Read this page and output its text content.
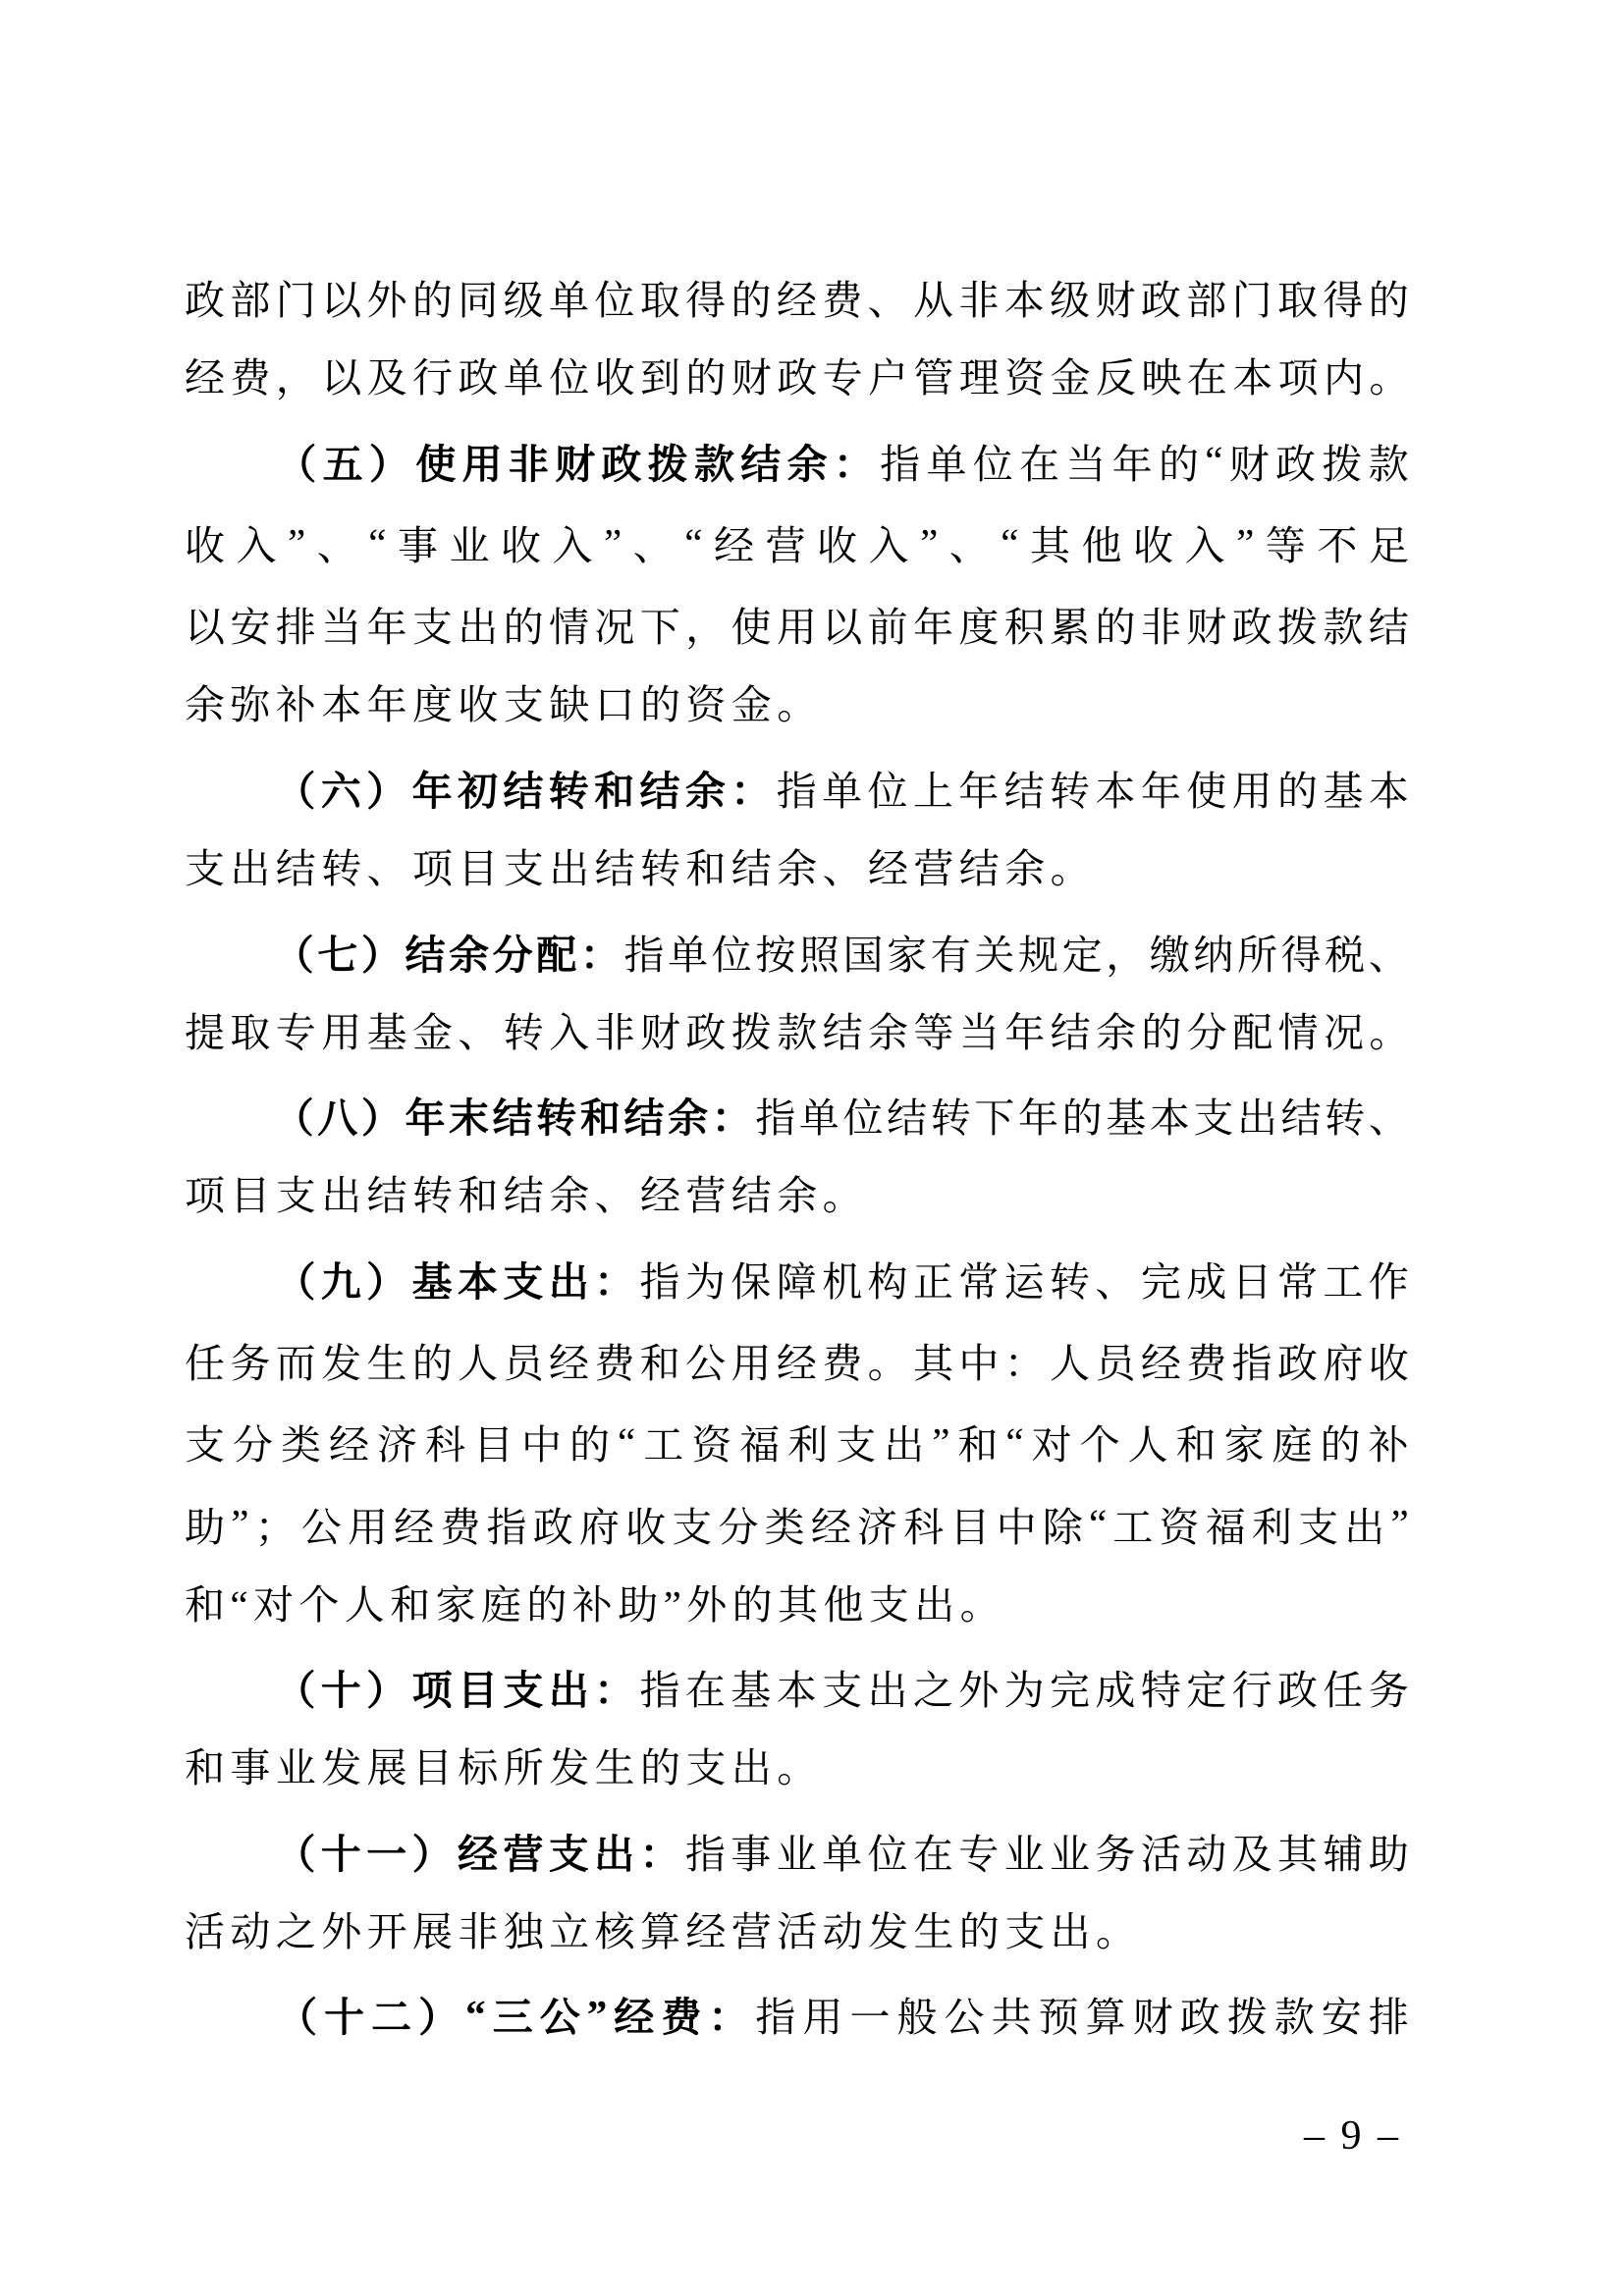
政 部 门 以 外 的 同 级 单 位 取 得 的 经 费 、 从 非 本 级 财 政 部 门 取 得 的
经费，以及行政单位收到的财政专户管理资金反映在本项内。
（ 五 ） 使 用 非 财 政 拨 款 结 余 ： 指 单 位 在 当 年 的 “ 财 政 拨 款
收 入 ” 、 “ 事 业 收 入 ” 、 “ 经 营 收 入 ” 、 “ 其 他 收 入 ” 等 不 足
以 安 排 当 年 支 出 的 情 况 下 ， 使 用 以 前 年 度 积 累 的 非 财 政 拨 款 结
余弥补本年度收支缺口的资金。
（ 六 ） 年 初 结 转 和 结 余 ： 指 单 位 上 年 结 转 本 年 使 用 的 基 本
支出结转、项目支出结转和结余、经营结余。
（ 七 ） 结 余 分 配 ： 指 单 位 按 照 国 家 有 关 规 定 ， 缴 纳 所 得 税 、
提取专用基金、转入非财政拨款结余等当年结余的分配情况。
（ 八 ） 年 末 结 转 和 结 余 ： 指 单 位 结 转 下 年 的 基 本 支 出 结 转 、
项目支出结转和结余、经营结余。
（ 九 ） 基 本 支 出 ： 指 为 保 障 机 构 正 常 运 转 、 完 成 日 常 工 作
任 务 而 发 生 的 人 员 经 费 和 公 用 经 费 。 其 中 ： 人 员 经 费 指 政 府 收
支 分 类 经 济 科 目 中 的 “ 工 资 福 利 支 出 ” 和 “ 对 个 人 和 家 庭 的 补
助 ” ； 公 用 经 费 指 政 府 收 支 分 类 经 济 科 目 中 除 “ 工 资 福 利 支 出 ”
和“对个人和家庭的补助”外的其他支出。
（ 十 ） 项 目 支 出 ： 指 在 基 本 支 出 之 外 为 完 成 特 定 行 政 任 务
和事业发展目标所发生的支出。
（ 十 一 ） 经 营 支 出 ： 指 事 业 单 位 在 专 业 业 务 活 动 及 其 辅 助
活动之外开展非独立核算经营活动发生的支出。
（ 十 二 ） “ 三 公 ” 经 费 ： 指 用 一 般 公 共 预 算 财 政 拨 款 安 排
– 9 –
